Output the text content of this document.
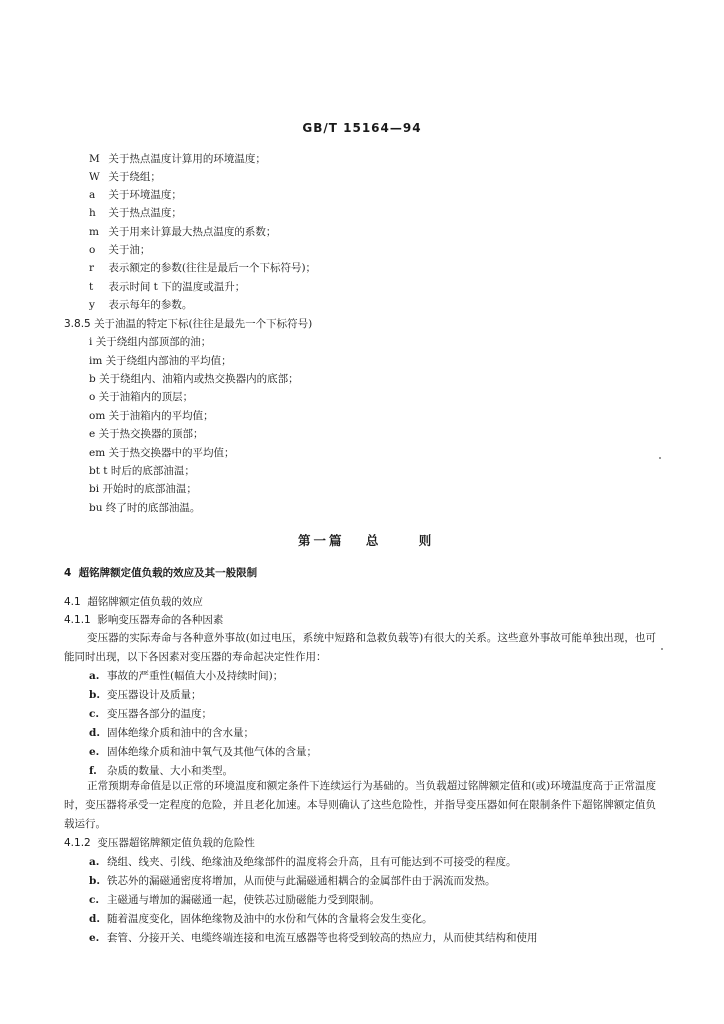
GB/T 15164—94
M 关于热点温度计算用的环境温度；
W 关于绕组；
a 关于环境温度；
h 关于热点温度；
m 关于用来计算最大热点温度的系数；
o 关于油；
r 表示额定的参数(往往是最后一个下标符号)；
t 表示时间 t 下的温度或温升；
y 表示每年的参数。
3.8.5 关于油温的特定下标(往往是最先一个下标符号)
i 关于绕组内部顶部的油；
im 关于绕组内部油的平均值；
b 关于绕组内、油箱内或热交换器内的底部；
o 关于油箱内的顶层；
om 关于油箱内的平均值；
e 关于热交换器的顶部；
em 关于热交换器中的平均值；
bt t 时后的底部油温；
bi 开始时的底部油温；
bu 终了时的底部油温。
第一篇 总	则
4 超铭牌额定值负载的效应及其一般限制
4.1 超铭牌额定值负载的效应
4.1.1 影响变压器寿命的各种因素
变压器的实际寿命与各种意外事故(如过电压，系统中短路和急救负载等)有很大的关系。这些意外事故可能单独出现，也可能同时出现，以下各因素对变压器的寿命起决定性作用：
a. 事故的严重性(幅值大小及持续时间)；
b. 变压器设计及质量；
c. 变压器各部分的温度；
d. 固体绝缘介质和油中的含水量；
e. 固体绝缘介质和油中氧气及其他气体的含量；
f. 杂质的数量、大小和类型。
正常预期寿命值是以正常的环境温度和额定条件下连续运行为基础的。当负载超过铭牌额定值和(或)环境温度高于正常温度时，变压器将承受一定程度的危险，并且老化加速。本导则确认了这些危险性，并指导变压器如何在限制条件下超铭牌额定值负载运行。
4.1.2 变压器超铭牌额定值负载的危险性
a. 绕组、线夹、引线、绝缘油及绝缘部件的温度将会升高，且有可能达到不可接受的程度。
b. 铁芯外的漏磁通密度将增加，从而使与此漏磁通相耦合的金属部件由于涡流而发热。
c. 主磁通与增加的漏磁通一起，使铁芯过励磁能力受到限制。
d. 随着温度变化，固体绝缘物及油中的水份和气体的含量将会发生变化。
e. 套管、分接开关、电缆终端连接和电流互感器等也将受到较高的热应力，从而使其结构和使用
